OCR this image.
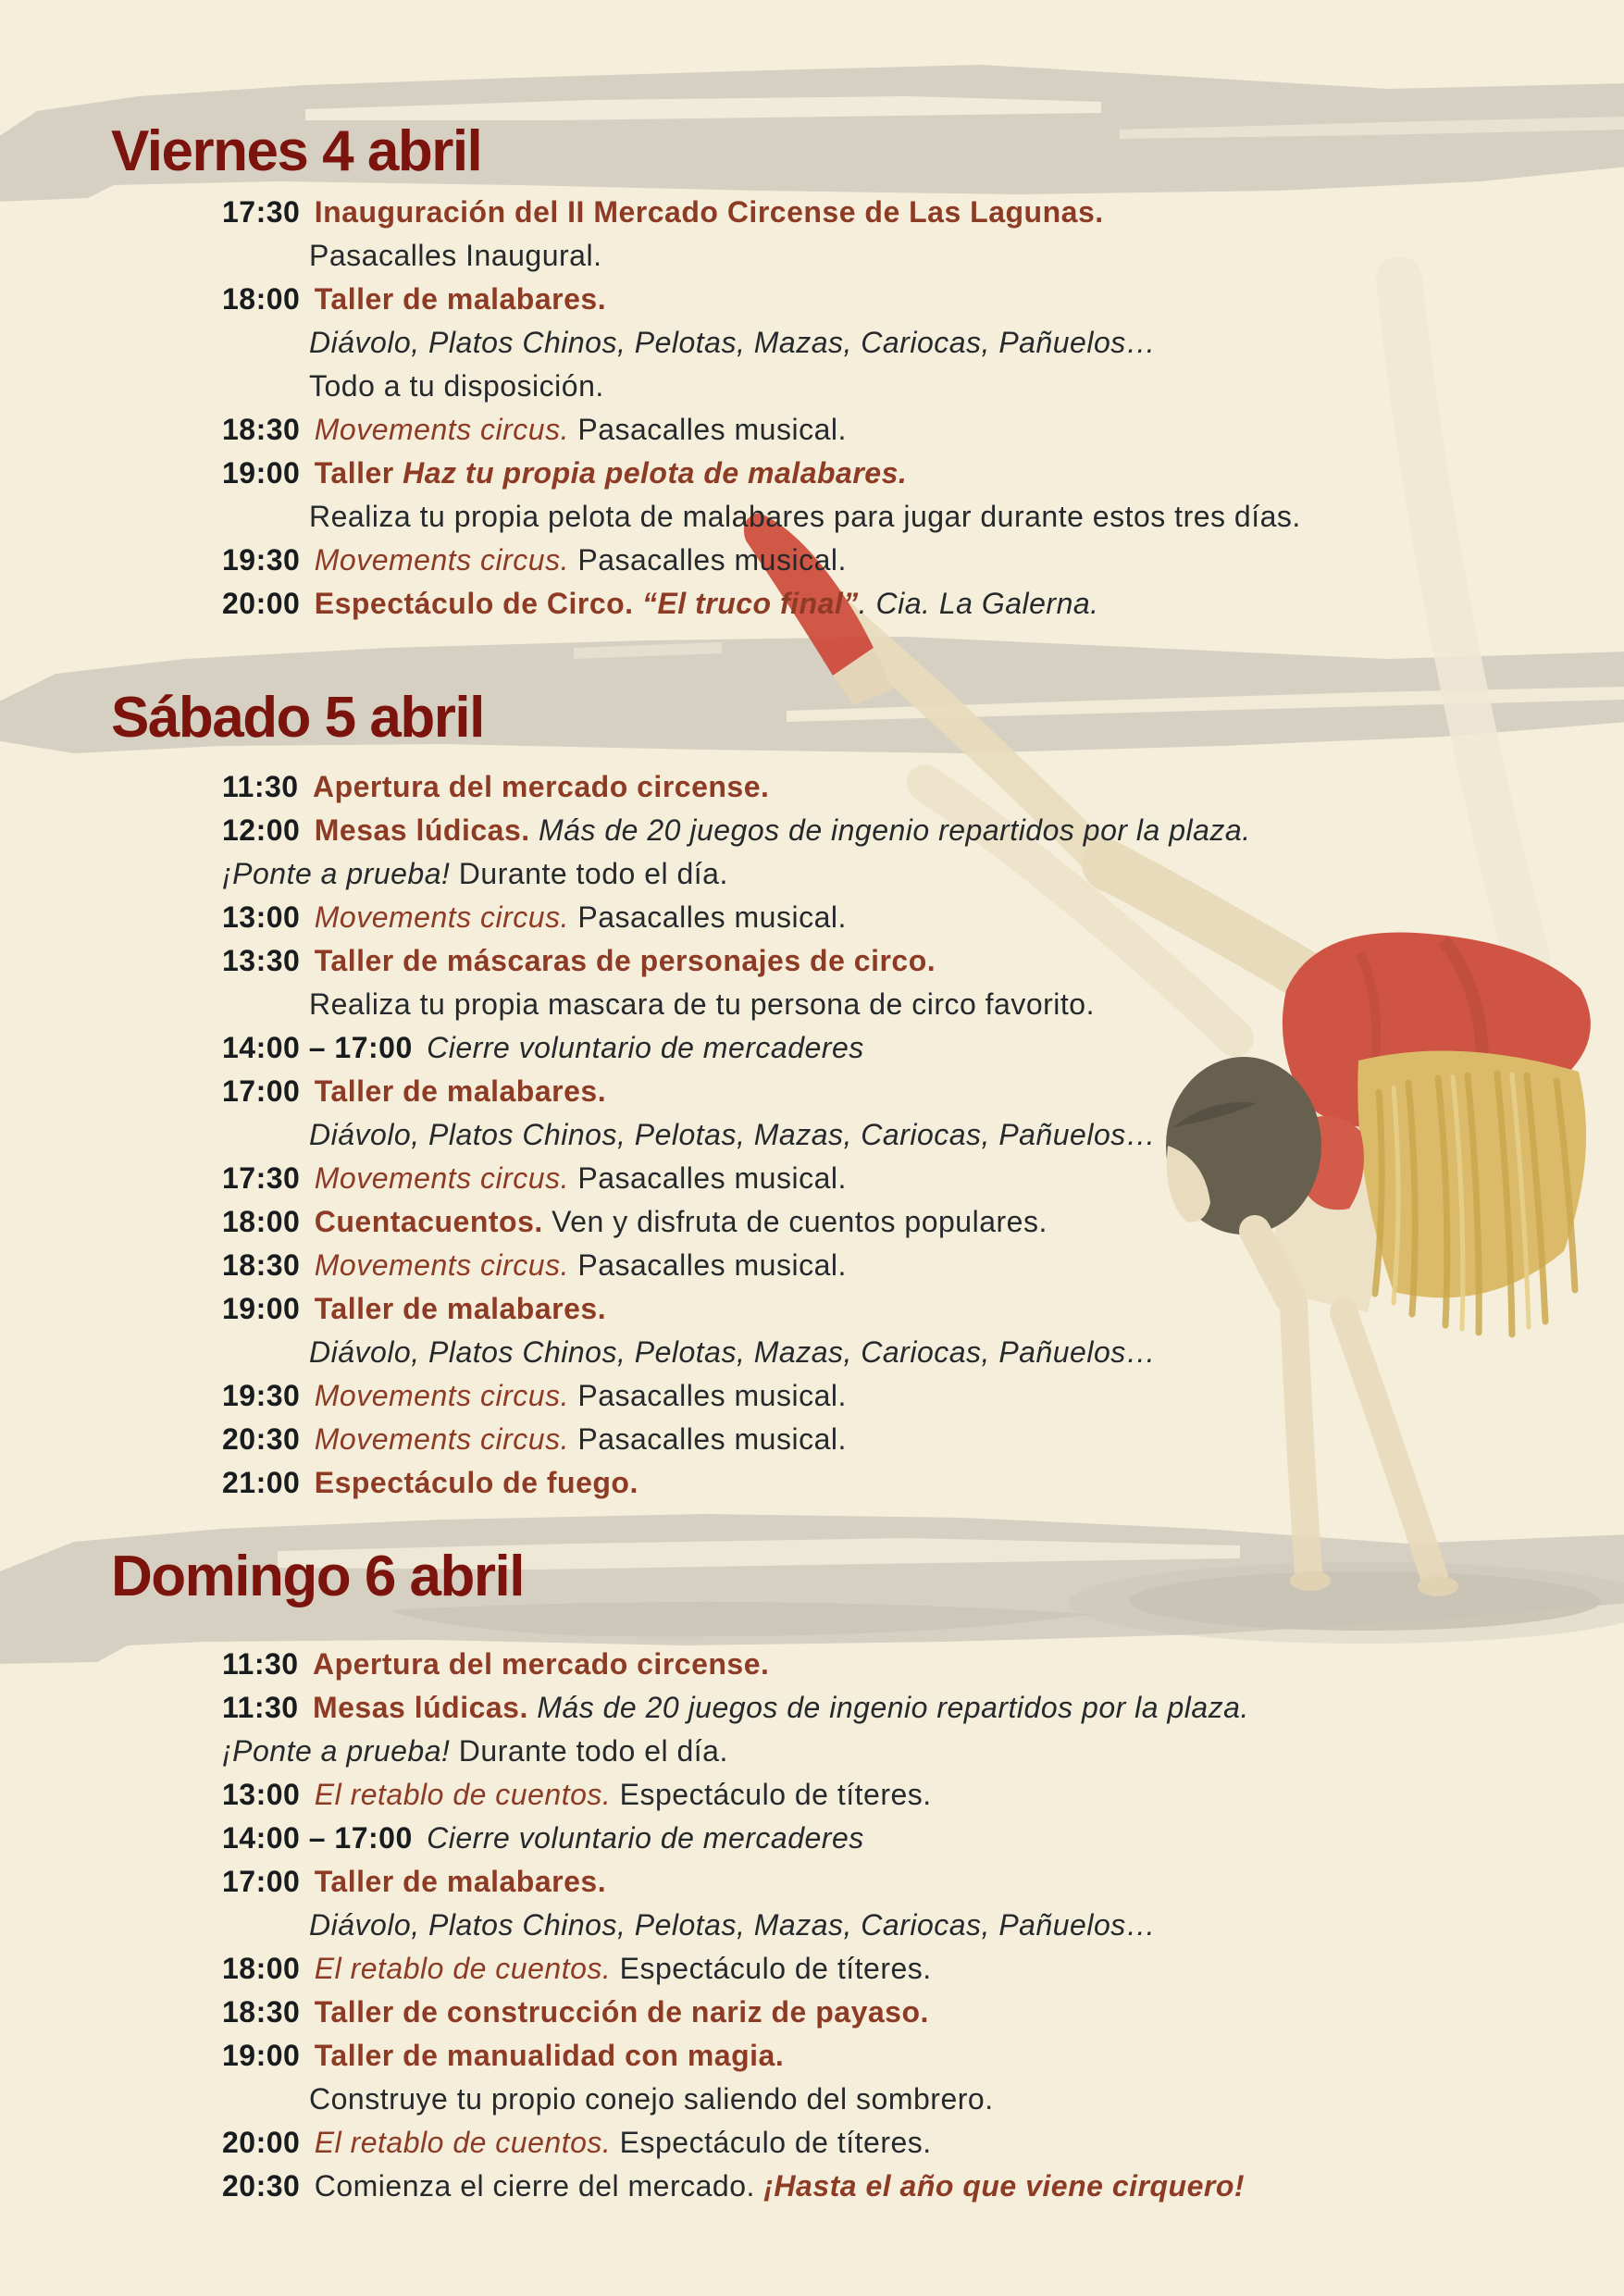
Viernes 4 abril
17:30 Inauguración del II Mercado Circense de Las Lagunas.
Pasacalles Inaugural.
18:00 Taller de malabares.
Diávolo, Platos Chinos, Pelotas, Mazas, Cariocas, Pañuelos…
Todo a tu disposición.
18:30 Movements circus. Pasacalles musical.
19:00 Taller Haz tu propia pelota de malabares.
Realiza tu propia pelota de malabares para jugar durante estos tres días.
19:30 Movements circus. Pasacalles musical.
20:00 Espectáculo de Circo. “El truco final”. Cia. La Galerna.
Sábado 5 abril
11:30 Apertura del mercado circense.
12:00 Mesas lúdicas. Más de 20 juegos de ingenio repartidos por la plaza.
¡Ponte a prueba! Durante todo el día.
13:00 Movements circus. Pasacalles musical.
13:30 Taller de máscaras de personajes de circo.
Realiza tu propia mascara de tu persona de circo favorito.
14:00 – 17:00 Cierre voluntario de mercaderes
17:00 Taller de malabares.
Diávolo, Platos Chinos, Pelotas, Mazas, Cariocas, Pañuelos…
17:30 Movements circus. Pasacalles musical.
18:00 Cuentacuentos. Ven y disfruta de cuentos populares.
18:30 Movements circus. Pasacalles musical.
19:00 Taller de malabares.
Diávolo, Platos Chinos, Pelotas, Mazas, Cariocas, Pañuelos…
19:30 Movements circus. Pasacalles musical.
20:30 Movements circus. Pasacalles musical.
21:00 Espectáculo de fuego.
Domingo 6 abril
11:30 Apertura del mercado circense.
11:30 Mesas lúdicas. Más de 20 juegos de ingenio repartidos por la plaza.
¡Ponte a prueba! Durante todo el día.
13:00 El retablo de cuentos. Espectáculo de títeres.
14:00 – 17:00 Cierre voluntario de mercaderes
17:00 Taller de malabares.
Diávolo, Platos Chinos, Pelotas, Mazas, Cariocas, Pañuelos…
18:00 El retablo de cuentos. Espectáculo de títeres.
18:30 Taller de construcción de nariz de payaso.
19:00 Taller de manualidad con magia.
Construye tu propio conejo saliendo del sombrero.
20:00 El retablo de cuentos. Espectáculo de títeres.
20:30 Comienza el cierre del mercado. ¡Hasta el año que viene cirquero!
